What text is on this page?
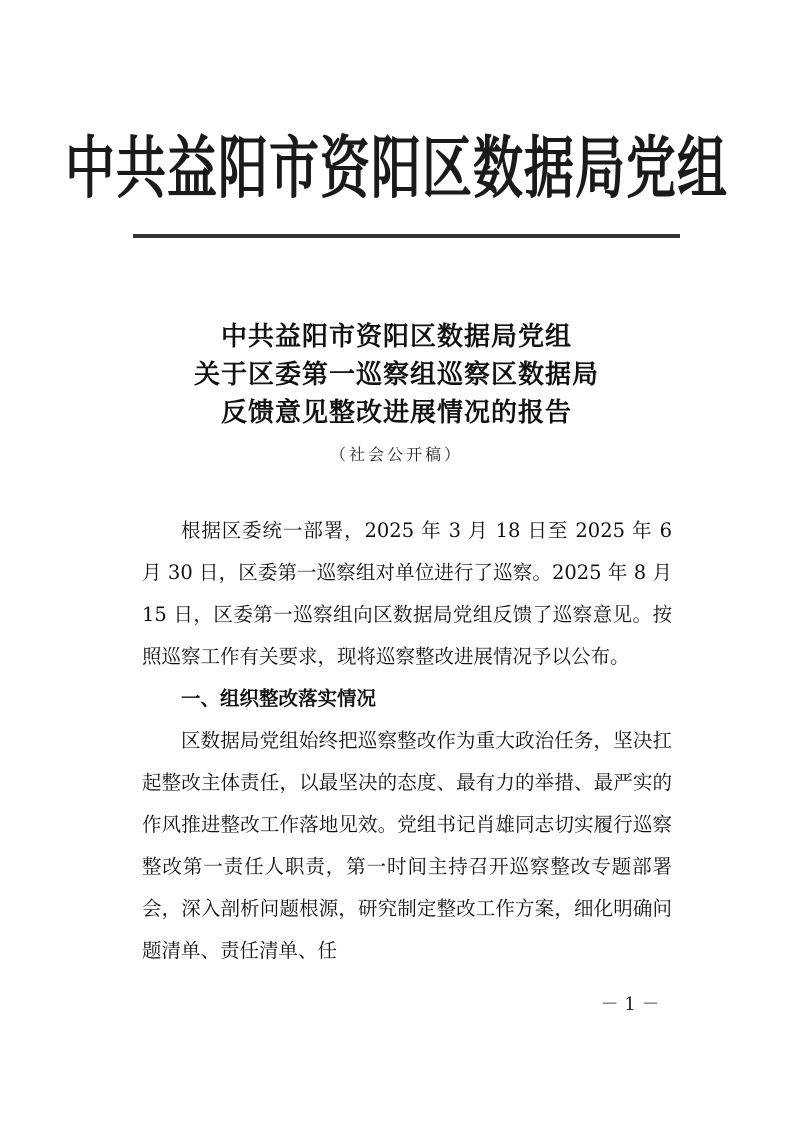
中共益阳市资阳区数据局党组
中共益阳市资阳区数据局党组
关于区委第一巡察组巡察区数据局
反馈意见整改进展情况的报告
（社会公开稿）

根据区委统一部署，2025 年 3 月 18 日至 2025 年 6 月 30 日，区委第一巡察组对单位进行了巡察。2025 年 8 月 15 日，区委第一巡察组向区数据局党组反馈了巡察意见。按照巡察工作有关要求，现将巡察整改进展情况予以公布。

一、组织整改落实情况

区数据局党组始终把巡察整改作为重大政治任务，坚决扛起整改主体责任，以最坚决的态度、最有力的举措、最严实的作风推进整改工作落地见效。党组书记肖雄同志切实履行巡察整改第一责任人职责，第一时间主持召开巡察整改专题部署会，深入剖析问题根源，研究制定整改工作方案，细化明确问题清单、责任清单、任

－ 1 －
